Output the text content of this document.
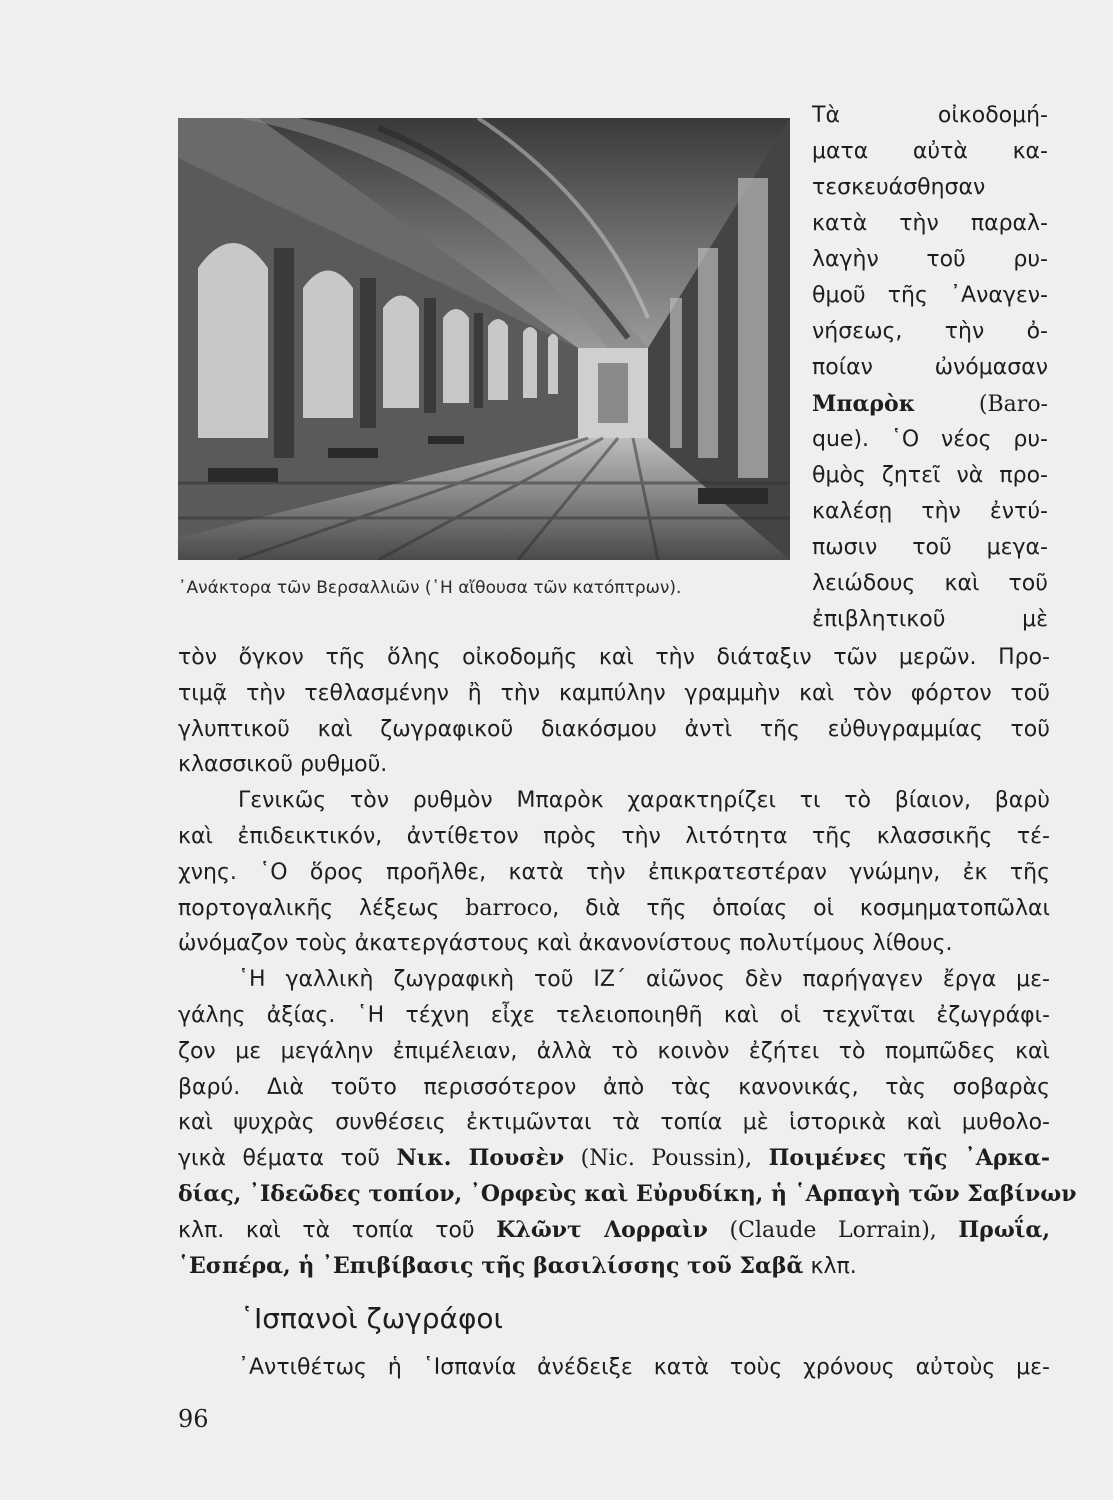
᾿Ανάκτορα τῶν Βερσαλλιῶν (῾Η αἴθουσα τῶν κατόπτρων).
Τὰ οἰκοδομή-
ματα αὐτὰ κα-
τεσκευάσθησαν
κατὰ τὴν παραλ-
λαγὴν τοῦ ρυ-
θμοῦ τῆς ᾿Αναγεν-
νήσεως, τὴν ὀ-
ποίαν ὠνόμασαν
Μπαρὸκ (Baro-
que). ῾Ο νέος ρυ-
θμὸς ζητεῖ νὰ προ-
καλέσῃ τὴν ἐντύ-
πωσιν τοῦ μεγα-
λειώδους καὶ τοῦ
ἐπιβλητικοῦ μὲ
τὸν ὄγκον τῆς ὅλης οἰκοδομῆς καὶ τὴν διάταξιν τῶν μερῶν. Προ-
τιμᾷ τὴν τεθλασμένην ἢ τὴν καμπύλην γραμμὴν καὶ τὸν φόρτον τοῦ
γλυπτικοῦ καὶ ζωγραφικοῦ διακόσμου ἀντὶ τῆς εὐθυγραμμίας τοῦ
κλασσικοῦ ρυθμοῦ.
Γενικῶς τὸν ρυθμὸν Μπαρὸκ χαρακτηρίζει τι τὸ βίαιον, βαρὺ
καὶ ἐπιδεικτικόν, ἀντίθετον πρὸς τὴν λιτότητα τῆς κλασσικῆς τέ-
χνης. ῾Ο ὅρος προῆλθε, κατὰ τὴν ἐπικρατεστέραν γνώμην, ἐκ τῆς
πορτογαλικῆς λέξεως barroco, διὰ τῆς ὁποίας οἱ κοσμηματοπῶλαι
ὠνόμαζον τοὺς ἀκατεργάστους καὶ ἀκανονίστους πολυτίμους λίθους.
῾Η γαλλικὴ ζωγραφικὴ τοῦ ΙΖ´ αἰῶνος δὲν παρήγαγεν ἔργα με-
γάλης ἀξίας. ῾Η τέχνη εἶχε τελειοποιηθῆ καὶ οἱ τεχνῖται ἐζωγράφι-
ζον με μεγάλην ἐπιμέλειαν, ἀλλὰ τὸ κοινὸν ἐζήτει τὸ πομπῶδες καὶ
βαρύ. Διὰ τοῦτο περισσότερον ἀπὸ τὰς κανονικάς, τὰς σοβαρὰς
καὶ ψυχρὰς συνθέσεις ἐκτιμῶνται τὰ τοπία μὲ ἱστορικὰ καὶ μυθολο-
γικὰ θέματα τοῦ Νικ. Πουσὲν (Nic. Poussin), Ποιμένες τῆς ᾿Αρκα-
δίας, ᾿Ιδεῶδες τοπίον, ᾿Ορφεὺς καὶ Εὐρυδίκη, ἡ ῾Αρπαγὴ τῶν Σαβίνων
κλπ. καὶ τὰ τοπία τοῦ Κλῶντ Λορραὶν (Claude Lorrain), Πρωΐα,
῾Εσπέρα, ἡ ᾿Επιβίβασις τῆς βασιλίσσης τοῦ Σαβᾶ κλπ.
῾Ισπανοὶ ζωγράφοι
᾿Αντιθέτως ἡ ῾Ισπανία ἀνέδειξε κατὰ τοὺς χρόνους αὐτοὺς με-
96
